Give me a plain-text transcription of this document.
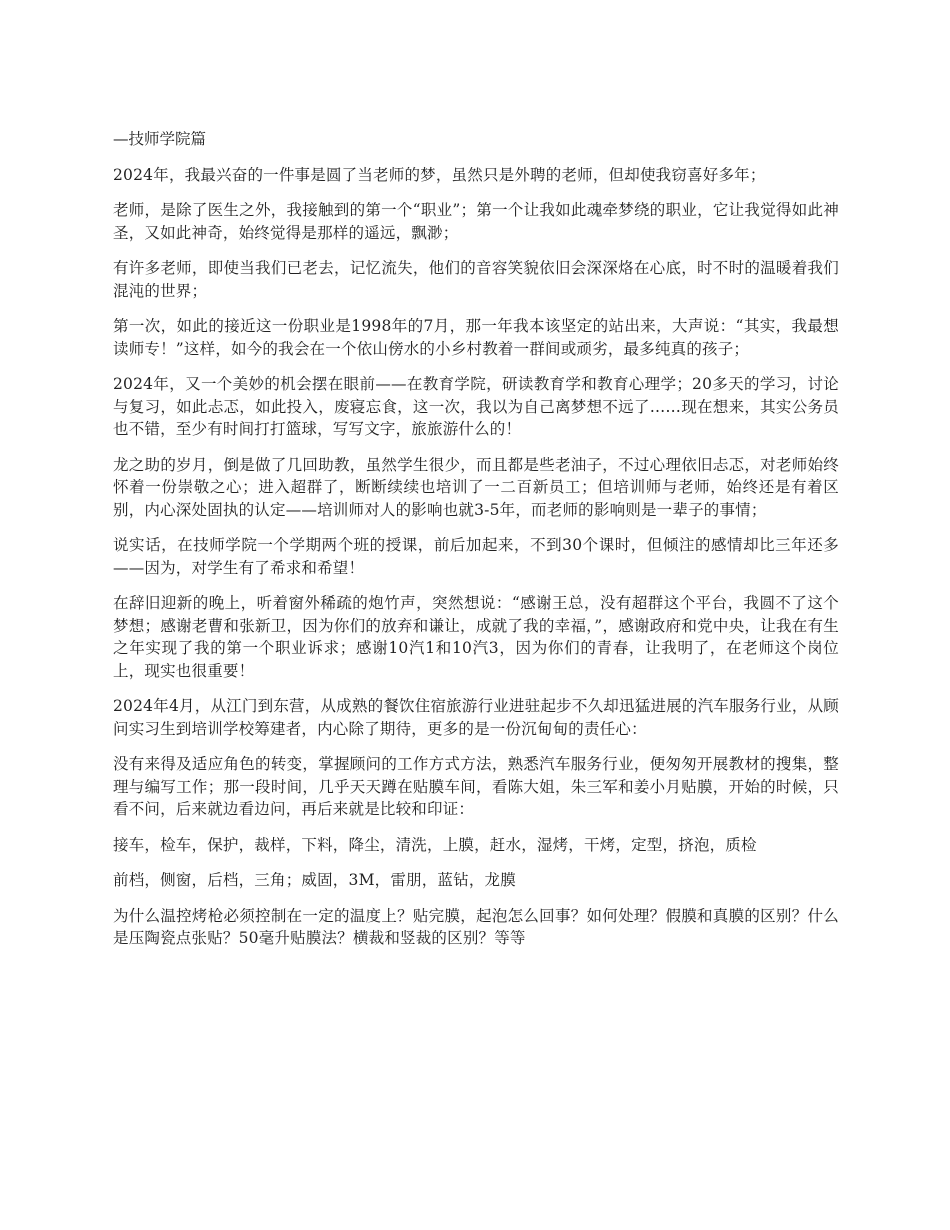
—技师学院篇

2024年，我最兴奋的一件事是圆了当老师的梦，虽然只是外聘的老师，但却使我窃喜好多年；

老师，是除了医生之外，我接触到的第一个“职业”；第一个让我如此魂牵梦绕的职业，它让我觉得如此神圣，又如此神奇，始终觉得是那样的遥远，飘渺；

有许多老师，即使当我们已老去，记忆流失，他们的音容笑貌依旧会深深烙在心底，时不时的温暖着我们混沌的世界；

第一次，如此的接近这一份职业是1998年的7月，那一年我本该坚定的站出来，大声说：“其实，我最想读师专！”这样，如今的我会在一个依山傍水的小乡村教着一群间或顽劣，最多纯真的孩子；

2024年，又一个美妙的机会摆在眼前——在教育学院，研读教育学和教育心理学；20多天的学习，讨论与复习，如此忐忑，如此投入，废寝忘食，这一次，我以为自己离梦想不远了……现在想来，其实公务员也不错，至少有时间打打篮球，写写文字，旅旅游什么的！

龙之助的岁月，倒是做了几回助教，虽然学生很少，而且都是些老油子，不过心理依旧忐忑，对老师始终怀着一份崇敬之心；进入超群了，断断续续也培训了一二百新员工；但培训师与老师，始终还是有着区别，内心深处固执的认定——培训师对人的影响也就3-5年，而老师的影响则是一辈子的事情；

说实话，在技师学院一个学期两个班的授课，前后加起来，不到30个课时，但倾注的感情却比三年还多——因为，对学生有了希求和希望！

在辞旧迎新的晚上，听着窗外稀疏的炮竹声，突然想说：“感谢王总，没有超群这个平台，我圆不了这个梦想；感谢老曹和张新卫，因为你们的放弃和谦让，成就了我的幸福，”，感谢政府和党中央，让我在有生之年实现了我的第一个职业诉求；感谢10汽1和10汽3，因为你们的青春，让我明了，在老师这个岗位上，现实也很重要！

2024年4月，从江门到东营，从成熟的餐饮住宿旅游行业进驻起步不久却迅猛进展的汽车服务行业，从顾问实习生到培训学校筹建者，内心除了期待，更多的是一份沉甸甸的责任心：

没有来得及适应角色的转变，掌握顾问的工作方式方法，熟悉汽车服务行业，便匆匆开展教材的搜集，整理与编写工作；那一段时间，几乎天天蹲在贴膜车间，看陈大姐，朱三军和姜小月贴膜，开始的时候，只看不问，后来就边看边问，再后来就是比较和印证：

接车，检车，保护，裁样，下料，降尘，清洗，上膜，赶水，湿烤，干烤，定型，挤泡，质检

前档，侧窗，后档，三角；威固，3M，雷朋，蓝钻，龙膜

为什么温控烤枪必须控制在一定的温度上？贴完膜，起泡怎么回事？如何处理？假膜和真膜的区别？什么是压陶瓷点张贴？50毫升贴膜法？横裁和竖裁的区别？等等
